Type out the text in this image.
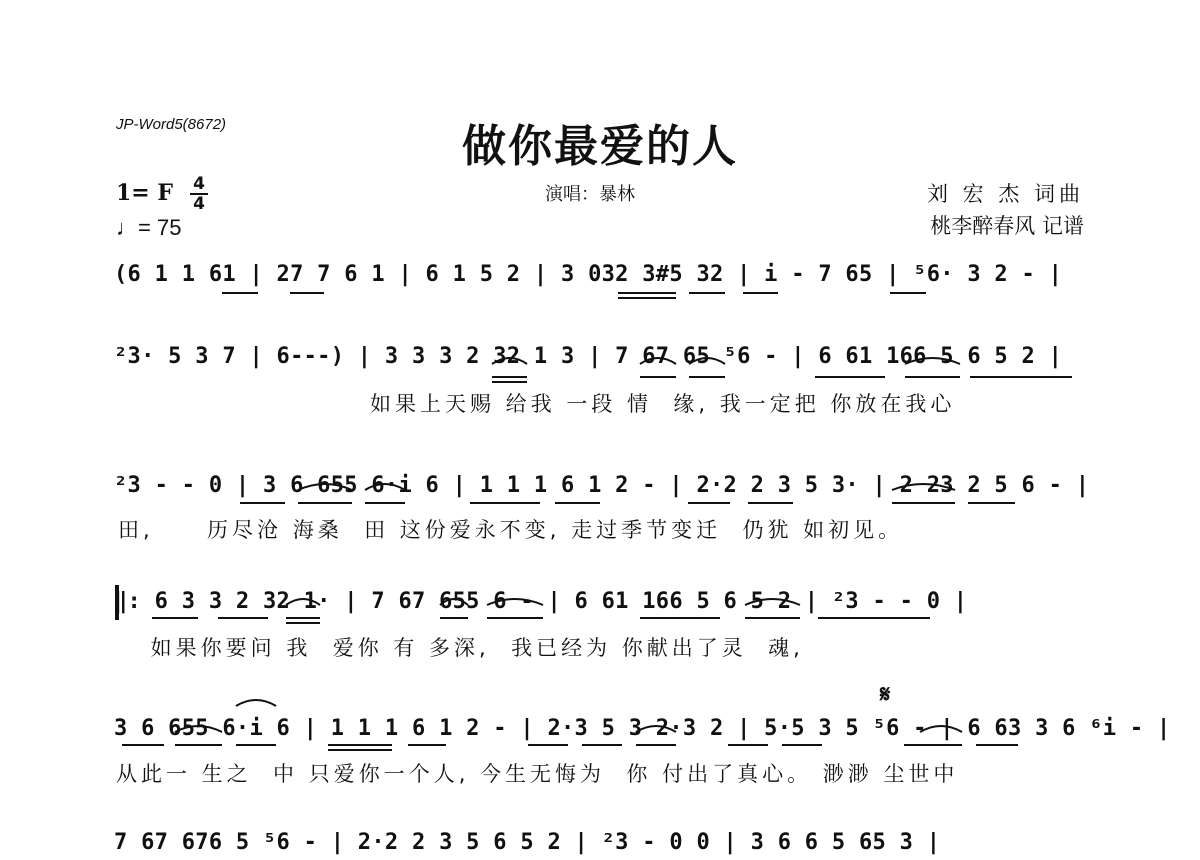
JP-Word5(8672)	做你最爱的人
1= F 4
4
♩= 75
演唱：暴林	刘 宏 杰 词曲
桃李醉春风 记谱
(6 1 1 61 | 27 7 6 1 | 6 1 5 2 | 3 032 3#5 32 | i - 7 65 | ⁵6· 3 2 - |
²3· 5 3 7 | 6---) | 3 3 3 2 32 1 3 | 7 67 65 ⁵6 - | 6 61 166 5 6 5 2 |
如果上天赐 给我 一段 情  缘, 我一定把 你放在我心
²3 - - 0 | 3 6 655 6·i 6 | 1 1 1 6 1 2 - | 2·2 2 3 5 3· | 2 23 2 5 6 - |
田,     历尽沧 海桑  田 这份爱永不变, 走过季节变迁  仍犹 如初见。
‖: 6 3 3 2 32 1· | 7 67 655 6 - | 6 61 166 5 6 5 2 | ²3 - - 0 |
如果你要问 我  爱你 有 多深,  我已经为 你献出了灵  魂,
𝄋
3 6 655 6·i 6 | 1 1 1 6 1 2 - | 2·3 5 3 2·3 2 | 5·5 3 5 ⁵6 - | 6 63 3 6 ⁶i - |
从此一 生之  中 只爱你一个人, 今生无悔为  你 付出了真心。 渺渺 尘世中
7 67 676 5 ⁵6 - | 2·2 2 3 5 6 5 2 | ²3 - 0 0 | 3 6 6 5 65 3 |
